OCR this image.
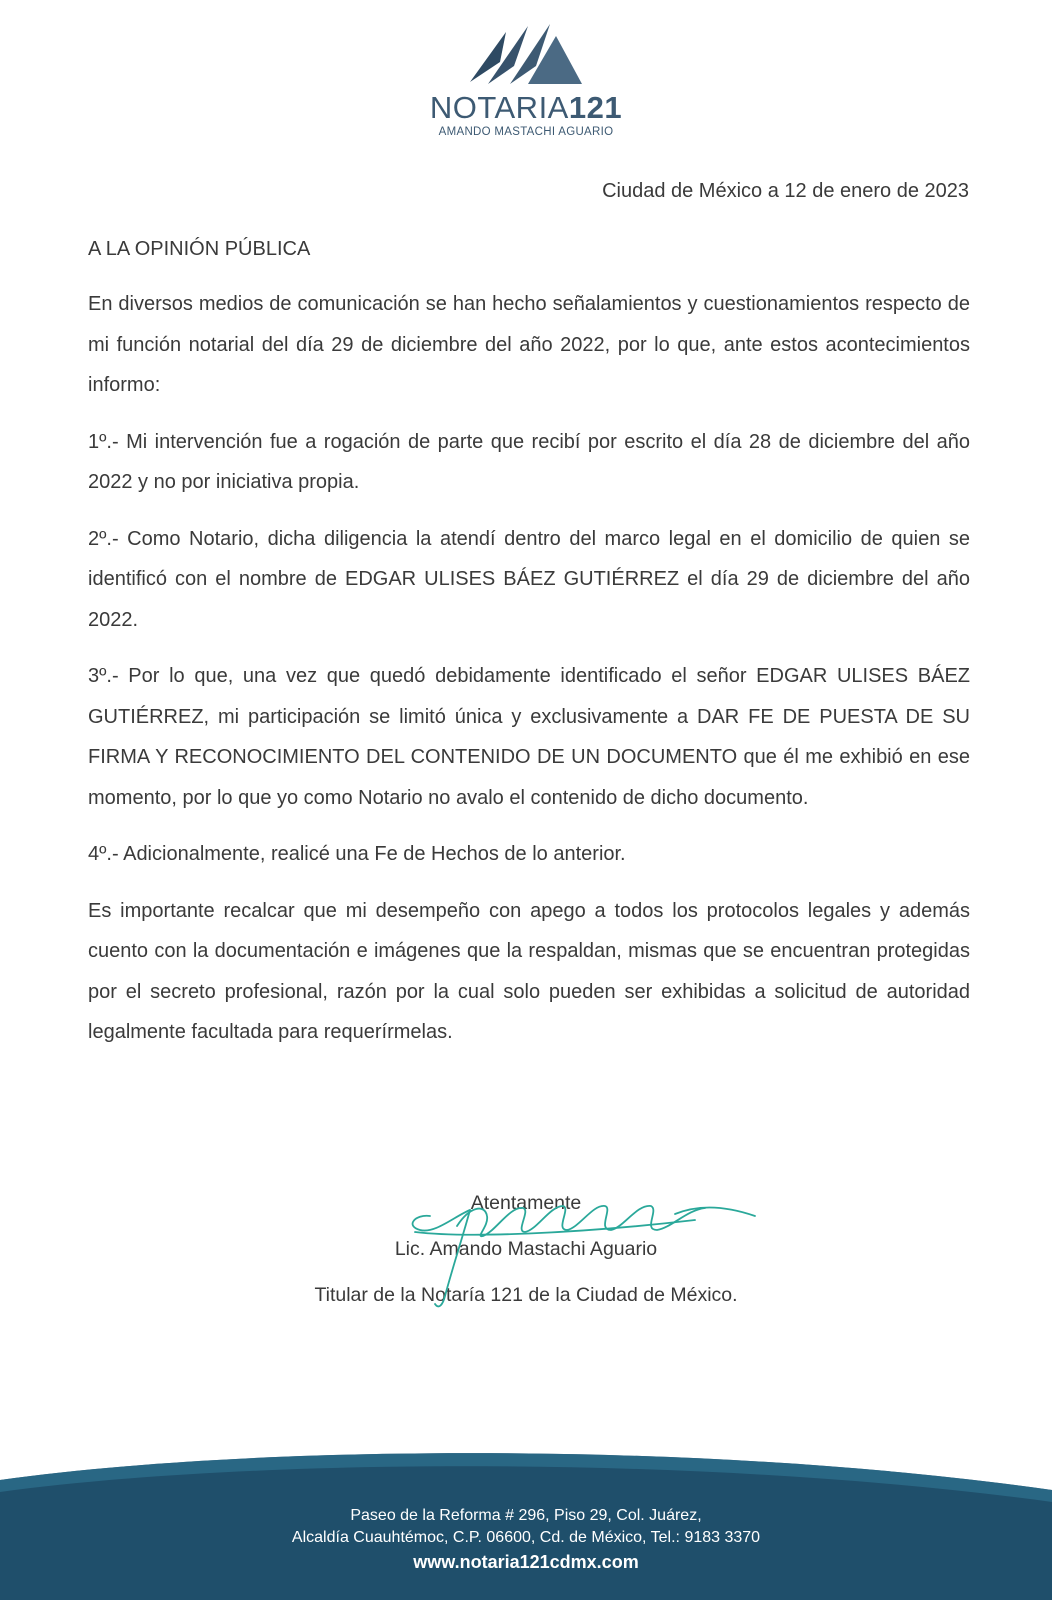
NOTARIA121
AMANDO MASTACHI AGUARIO
Ciudad de México a 12 de enero de 2023
A LA OPINIÓN PÚBLICA

En diversos medios de comunicación se han hecho señalamientos y cuestionamientos respecto de mi función notarial del día 29 de diciembre del año 2022, por lo que, ante estos acontecimientos informo:

1º.- Mi intervención fue a rogación de parte que recibí por escrito el día 28 de diciembre del año 2022 y no por iniciativa propia.

2º.- Como Notario, dicha diligencia la atendí dentro del marco legal en el domicilio de quien se identificó con el nombre de EDGAR ULISES BÁEZ GUTIÉRREZ el día 29 de diciembre del año 2022.

3º.- Por lo que, una vez que quedó debidamente identificado el señor EDGAR ULISES BÁEZ GUTIÉRREZ, mi participación se limitó única y exclusivamente a DAR FE DE PUESTA DE SU FIRMA Y RECONOCIMIENTO DEL CONTENIDO DE UN DOCUMENTO que él me exhibió en ese momento, por lo que yo como Notario no avalo el contenido de dicho documento.

4º.- Adicionalmente, realicé una Fe de Hechos de lo anterior.

Es importante recalcar que mi desempeño con apego a todos los protocolos legales y además cuento con la documentación e imágenes que la respaldan, mismas que se encuentran protegidas por el secreto profesional, razón por la cual solo pueden ser exhibidas a solicitud de autoridad legalmente facultada para requerírmelas.

Atentamente
Lic. Amando Mastachi Aguario
Titular de la Notaría 121 de la Ciudad de México.
Paseo de la Reforma # 296, Piso 29, Col. Juárez,
Alcaldía Cuauhtémoc, C.P. 06600, Cd. de México, Tel.: 9183 3370
www.notaria121cdmx.com
